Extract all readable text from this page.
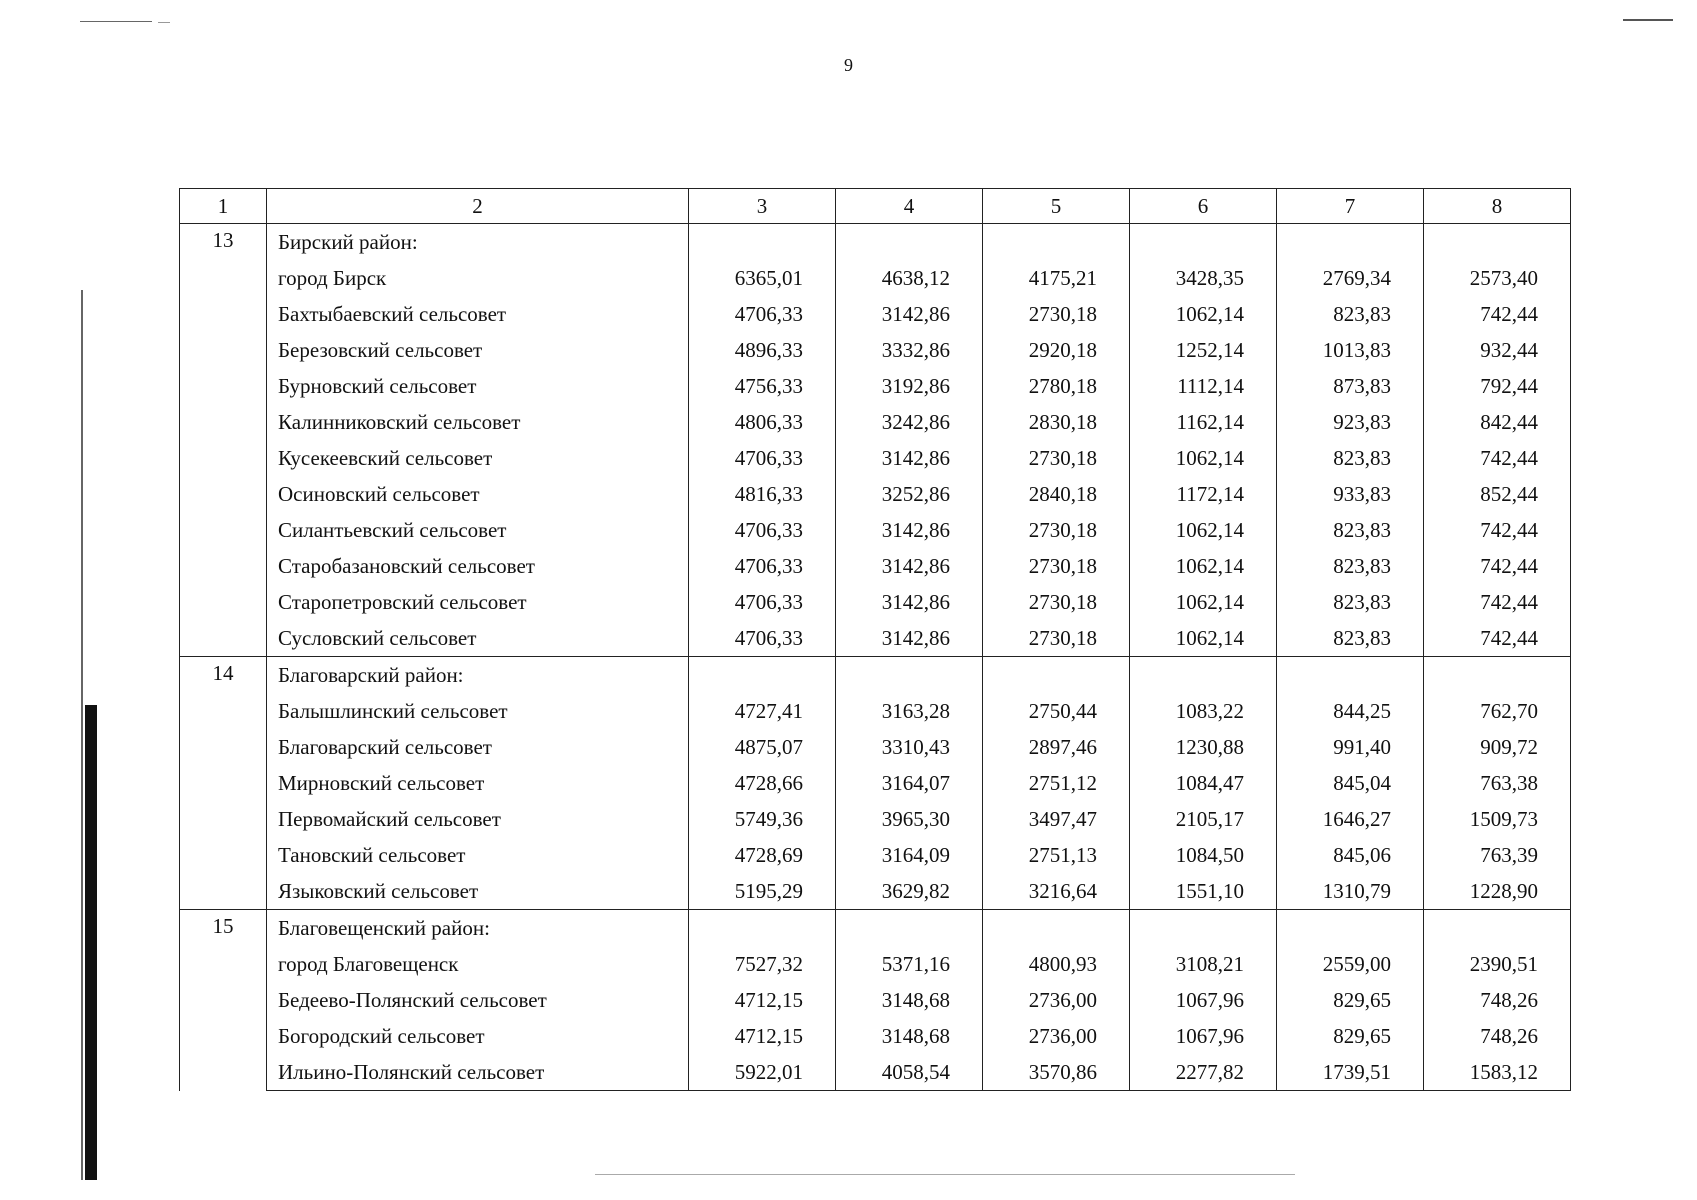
9
1	2	3	4	5	6	7	8
13	Бирский район:						
	город Бирск	6365,01	4638,12	4175,21	3428,35	2769,34	2573,40
	Бахтыбаевский сельсовет	4706,33	3142,86	2730,18	1062,14	823,83	742,44
	Березовский сельсовет	4896,33	3332,86	2920,18	1252,14	1013,83	932,44
	Бурновский сельсовет	4756,33	3192,86	2780,18	1112,14	873,83	792,44
	Калинниковский сельсовет	4806,33	3242,86	2830,18	1162,14	923,83	842,44
	Кусекеевский сельсовет	4706,33	3142,86	2730,18	1062,14	823,83	742,44
	Осиновский сельсовет	4816,33	3252,86	2840,18	1172,14	933,83	852,44
	Силантьевский сельсовет	4706,33	3142,86	2730,18	1062,14	823,83	742,44
	Старобазановский сельсовет	4706,33	3142,86	2730,18	1062,14	823,83	742,44
	Старопетровский сельсовет	4706,33	3142,86	2730,18	1062,14	823,83	742,44
	Сусловский сельсовет	4706,33	3142,86	2730,18	1062,14	823,83	742,44
14	Благоварский район:						
	Балышлинский сельсовет	4727,41	3163,28	2750,44	1083,22	844,25	762,70
	Благоварский сельсовет	4875,07	3310,43	2897,46	1230,88	991,40	909,72
	Мирновский сельсовет	4728,66	3164,07	2751,12	1084,47	845,04	763,38
	Первомайский сельсовет	5749,36	3965,30	3497,47	2105,17	1646,27	1509,73
	Тановский сельсовет	4728,69	3164,09	2751,13	1084,50	845,06	763,39
	Языковский сельсовет	5195,29	3629,82	3216,64	1551,10	1310,79	1228,90
15	Благовещенский район:						
	город Благовещенск	7527,32	5371,16	4800,93	3108,21	2559,00	2390,51
	Бедеево-Полянский сельсовет	4712,15	3148,68	2736,00	1067,96	829,65	748,26
	Богородский сельсовет	4712,15	3148,68	2736,00	1067,96	829,65	748,26
	Ильино-Полянский сельсовет	5922,01	4058,54	3570,86	2277,82	1739,51	1583,12
